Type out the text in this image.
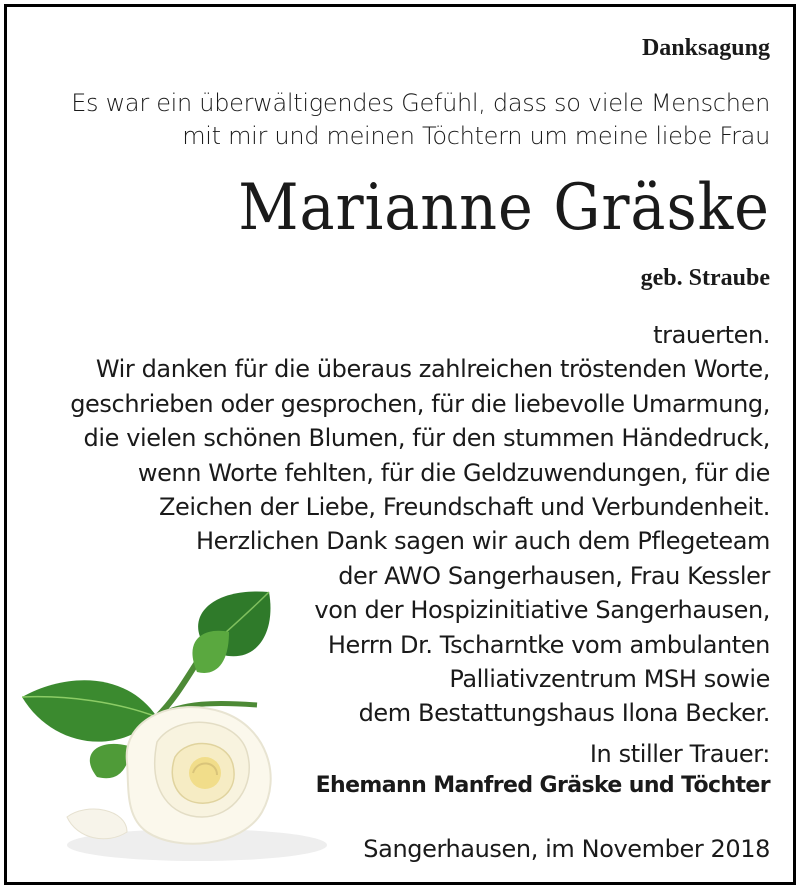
Danksagung
Es war ein überwältigendes Gefühl, dass so viele Menschen
mit mir und meinen Töchtern um meine liebe Frau
Marianne Gräske
geb. Straube
trauerten.
Wir danken für die überaus zahlreichen tröstenden Worte,
geschrieben oder gesprochen, für die liebevolle Umarmung,
die vielen schönen Blumen, für den stummen Händedruck,
wenn Worte fehlten, für die Geldzuwendungen, für die
Zeichen der Liebe, Freundschaft und Verbundenheit.
Herzlichen Dank sagen wir auch dem Pflegeteam
der AWO Sangerhausen, Frau Kessler
von der Hospizinitiative Sangerhausen,
Herrn Dr. Tscharntke vom ambulanten
Palliativzentrum MSH sowie
dem Bestattungshaus Ilona Becker.
In stiller Trauer:
Ehemann Manfred Gräske und Töchter
Sangerhausen, im November 2018
